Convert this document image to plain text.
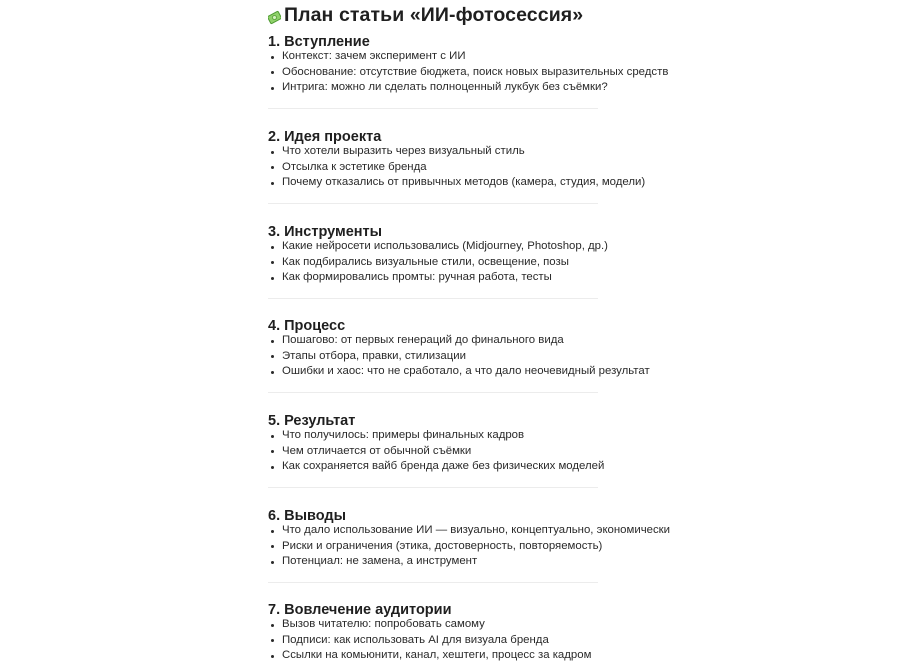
План статьи «ИИ-фотосессия»
1. Вступление
Контекст: зачем эксперимент с ИИ
Обоснование: отсутствие бюджета, поиск новых выразительных средств
Интрига: можно ли сделать полноценный лукбук без съёмки?
2. Идея проекта
Что хотели выразить через визуальный стиль
Отсылка к эстетике бренда
Почему отказались от привычных методов (камера, студия, модели)
3. Инструменты
Какие нейросети использовались (Midjourney, Photoshop, др.)
Как подбирались визуальные стили, освещение, позы
Как формировались промты: ручная работа, тесты
4. Процесс
Пошагово: от первых генераций до финального вида
Этапы отбора, правки, стилизации
Ошибки и хаос: что не сработало, а что дало неочевидный результат
5. Результат
Что получилось: примеры финальных кадров
Чем отличается от обычной съёмки
Как сохраняется вайб бренда даже без физических моделей
6. Выводы
Что дало использование ИИ — визуально, концептуально, экономически
Риски и ограничения (этика, достоверность, повторяемость)
Потенциал: не замена, а инструмент
7. Вовлечение аудитории
Вызов читателю: попробовать самому
Подписи: как использовать AI для визуала бренда
Ссылки на комьюнити, канал, хештеги, процесс за кадром
